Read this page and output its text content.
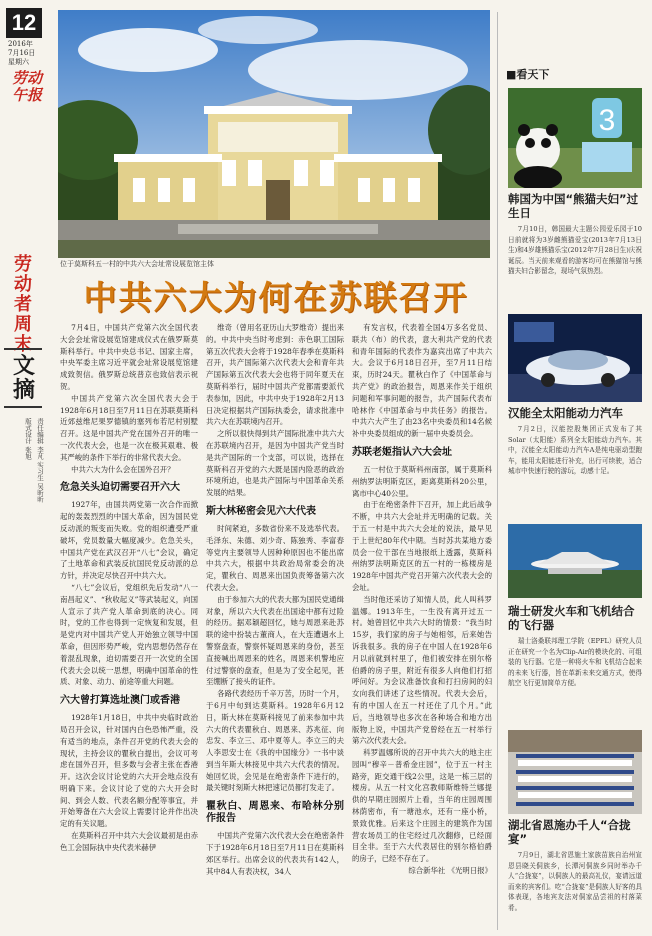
12
2016年
7月16日
星期六
劳动午报
劳动者周末
文摘
版式设计 张旭 责任编辑 李芃 实习生 吴昕昕
位于莫斯科五一村的中共六大会址常设展览馆主体
中共六大为何在苏联召开

7月4日，中国共产党第六次全国代表大会会址常设展览馆建成仪式在俄罗斯莫斯科举行。中共中央总书记、国家主席，中央军委主席习近平就会址常设展览馆建成致贺信。俄罗斯总统普京也致信表示祝贺。

中国共产党第六次全国代表大会于1928年6月18日至7月11日在苏联莫斯科近郊兹维尼果罗德镇的塞列布若尼村别墅召开。这是中国共产党在国外召开的唯一一次代表大会，也是一次在极其艰难、极其严峻的条件下举行的非常代表大会。

中共六大为什么会在国外召开？

危急关头迫切需要召开六大

1927年，由国共两党第一次合作而掀起的轰轰烈烈的中国大革命，因为国民党反动派的叛变而失败。党的组织遭受严重破坏，党员数量大幅度减少。危急关头，中国共产党在武汉召开“八七”会议，确定了土地革命和武装反抗国民党反动派的总方针，并决定尽快召开中共六大。

“八七”会议后，党组织先后发动“八一南昌起义”、“秋收起义”等武装起义，向国人宣示了共产党人革命到底的决心。同时，党的工作也得到一定恢复和发展，但是党内对中国共产党人开始独立领导中国革命，但因形势严峻，党内思想仍然存在着混乱现象，迫切需要召开一次党的全国代表大会以统一思想，明确中国革命的性质、对象、动力、前途等重大问题。

六大曾打算选址澳门或香港

1928年1月18日，中共中央临时政治局召开会议，针对国内白色恐怖严重，没有适当的地点，条件召开党的代表大会的现状，主持会议的瞿秋白提出，会议可考虑在国外召开，但多数与会者主张在香港开。这次会议讨论党的六大开会地点没有明确下来。会议讨论了党的六大开会时间、到会人数、代表名额分配等事宜，并开始筹备在六大会议上需要讨论并作出决定的有关议题。

在莫斯科召开中共六大会议最初是由赤色工会国际执中央代表米赫伊

维奇（曾用名亚历山大罗维奇）提出来的。中共中央当时考虑到：赤色职工国际第五次代表大会将于1928年春季在莫斯科召开，共产国际第六次代表大会和青年共产国际第五次代表大会也将于同年夏天在莫斯科举行，届时中国共产党都需要派代表参加，因此，中共中央于1928年2月13日决定根据共产国际执委会，请求批准中共六大在苏联境内召开。

之所以很快得到共产国际批准中共六大在苏联境内召开，是因为中国共产党当时是共产国际的一个支部，可以说，选择在莫斯科召开党的六大既是国内险恶的政治环境所迫，也是共产国际与中国革命关系发展的结果。

斯大林秘密会见六大代表

时间紧迫，多数省份来不及选举代表。毛泽东、朱德、刘少奇、陈独秀、李富春等党内主要领导人因种种原因也不能出席中共六大，根据中共政治局常委会的决定，瞿秋白、周恩来出国负责筹备第六次代表大会。

由于参加六大的代表大都为国民党通缉对象，所以六大代表在出国途中都有过险的经历。据邓颖超回忆，她与周恩来赴苏联的途中扮装古董商人，在大连遭遇水上警察盘查，警察怀疑周恩来的身份，甚至直接喊出周恩来的姓名，周恩来机警地应付过警察的盘查，但是为了安全起见，甚至绷断了接头的证件。

各路代表经历千辛万苦，历时一个月，于6月中旬到达莫斯科。1928年6月12日，斯大林在莫斯科接见了前来参加中共六大的代表瞿秋白、周恩来、苏兆征、向忠发、李立三、邓中夏等人。李立三的夫人李思安士在《我的中国缘分》一书中谈到当年斯大林接见中共六大代表的情况。她回忆说，会见是在绝密条件下进行的，最关键时刻斯大林把速记员都打发走了。

瞿秋白、周恩来、布哈林分别作报告

中国共产党第六次代表大会在绝密条件下于1928年6月18日至7月11日在莫斯科郊区举行。出席会议的代表共有142人，其中84人有表决权，34人

有发言权，代表着全国4万多名党员、联共（布）的代表，意大利共产党的代表和青年国际的代表作为嘉宾出席了中共六大。会议于6月18日召开，至7月11日结束，历时24天。瞿秋白作了《中国革命与共产党》的政治报告，周恩来作关于组织问题和军事问题的报告，共产国际代表布哈林作《中国革命与中共任务》的报告。中共六大产生了由23名中央委员和14名候补中央委员组成的新一届中央委员会。

苏联老姬指认六大会址

五一村位于莫斯科州南部，属于莫斯科州纳罗法明斯克区，距离莫斯科20公里，离市中心40公里。

由于在绝密条件下召开，加上此后战争不断，中共六大会址并无明确的记载。关于五一村是中共六大会址的说法，最早见于上世纪80年代中期。当时苏共某地方委员会一位干部在当地报纸上透露，莫斯科州纳罗法明斯克区的五一村的一栋楼房是1928年中国共产党召开第六次代表大会的会址。

当时他还采访了知情人员，此人叫科罗温娜。1913年生，一生没有离开过五一村。她曾回忆中共六大时的情景：“我当时15岁，我们家的房子与她相邻，后来她告诉我很多。我的房子在中国人在1928年6月以前就到村里了，他们被安排在别尔格伯爵的房子里，附近有很多人向他们打招呼问好。为会议准备饮食和打扫房间的妇女向我们讲述了这些情况。代表大会后，有的中国人在五一村还住了几个月。”此后，当地领导也多次在各种场合和地方出版物上说，中国共产党曾经在五一村举行第六次代表大会。

科罗温娜所说的召开中共六大的地主庄园叫“穆辛－普希金庄园”，位于五一村主路旁，距交通干线2公里，这是一栋三层的楼房。从五一村文化宫教师斯维特兰娜提供的早期庄园照片上看，当年的庄园周围林荫密布，有一塘池水，还有一座小桥，景致优雅。后来这个庄园主的建筑作为国营农场员工的住宅经过几次翻修，已经面目全非。至于六大代表居住的别尔格伯爵的房子，已经不存在了。

综合新华社 《光明日报》

■看天下
3
韩国为中国“熊猫夫妇”过生日
7月10日，韩国最大主题公园爱乐园于10日前就将为3岁雌熊猫爱宝(2013年7月13日生)和4岁雄熊猫乐宝(2012年7月28日生)庆祝诞辰。当天前来观看的游客均可在熊猫馆与熊猫夫妇合影留念，现场气氛热烈。
汉能全太阳能动力汽车
7月2日，汉能控股集团正式发布了其Solar（太阳能）系列全太阳能动力汽车。其中，汉能全太阳能动力汽车A是纯电驱动型跑车，能用太阳能进行补充，出行可续驶，适合城市中快速行驶的游玩，动感十足。
瑞士研发火车和飞机结合的飞行器
瑞士洛桑联邦理工学院（EPFL）研究人员正在研究一个名为Clip-Air的模块化的、可组装的飞行器。它是一种将火车和飞机结合起来的未来飞行器，旨在革新未来交通方式，使得航空飞行更加简单方便。
湖北省恩施办千人“合拢宴”
7月9日，湖北省恩施土家族苗族自治州宣恩县晓关侗族乡，长潭河侗族乡同时举办千人“合拢宴”，以侗族人的最高礼仪，宴请远道而来的宾客们。吃“合拢宴”是侗族人好客的具体表现，各地宾友法对侗家品尝祖的村落菜肴。
